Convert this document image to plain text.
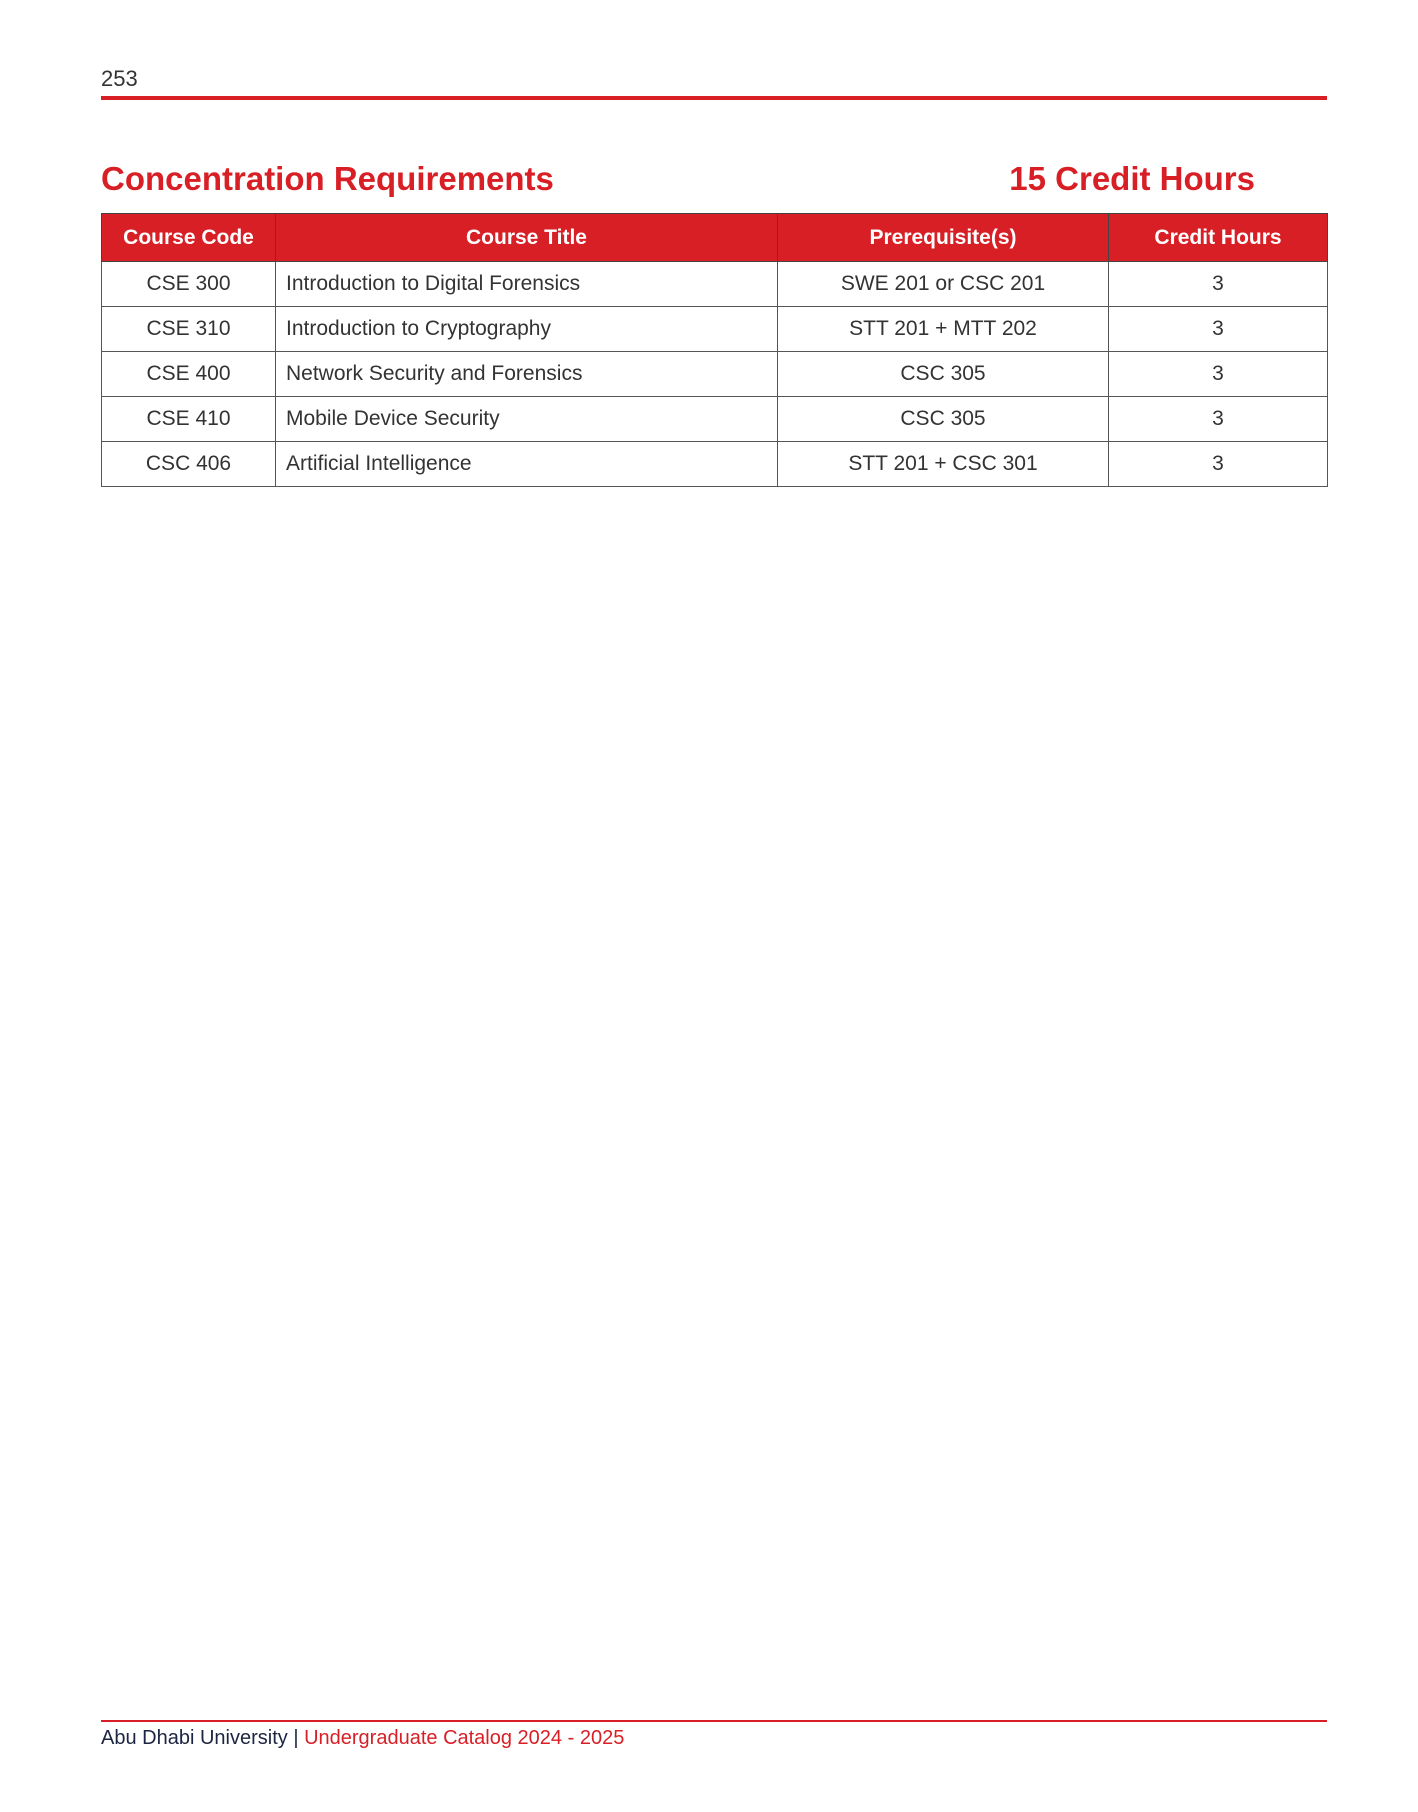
253
Concentration Requirements	15 Credit Hours
Course Code	Course Title	Prerequisite(s)	Credit Hours
CSE 300	Introduction to Digital Forensics	SWE 201 or CSC 201	3
CSE 310	Introduction to Cryptography	STT 201 + MTT 202	3
CSE 400	Network Security and Forensics	CSC 305	3
CSE 410	Mobile Device Security	CSC 305	3
CSC 406	Artificial Intelligence	STT 201 + CSC 301	3
Abu Dhabi University | Undergraduate Catalog 2024 - 2025
